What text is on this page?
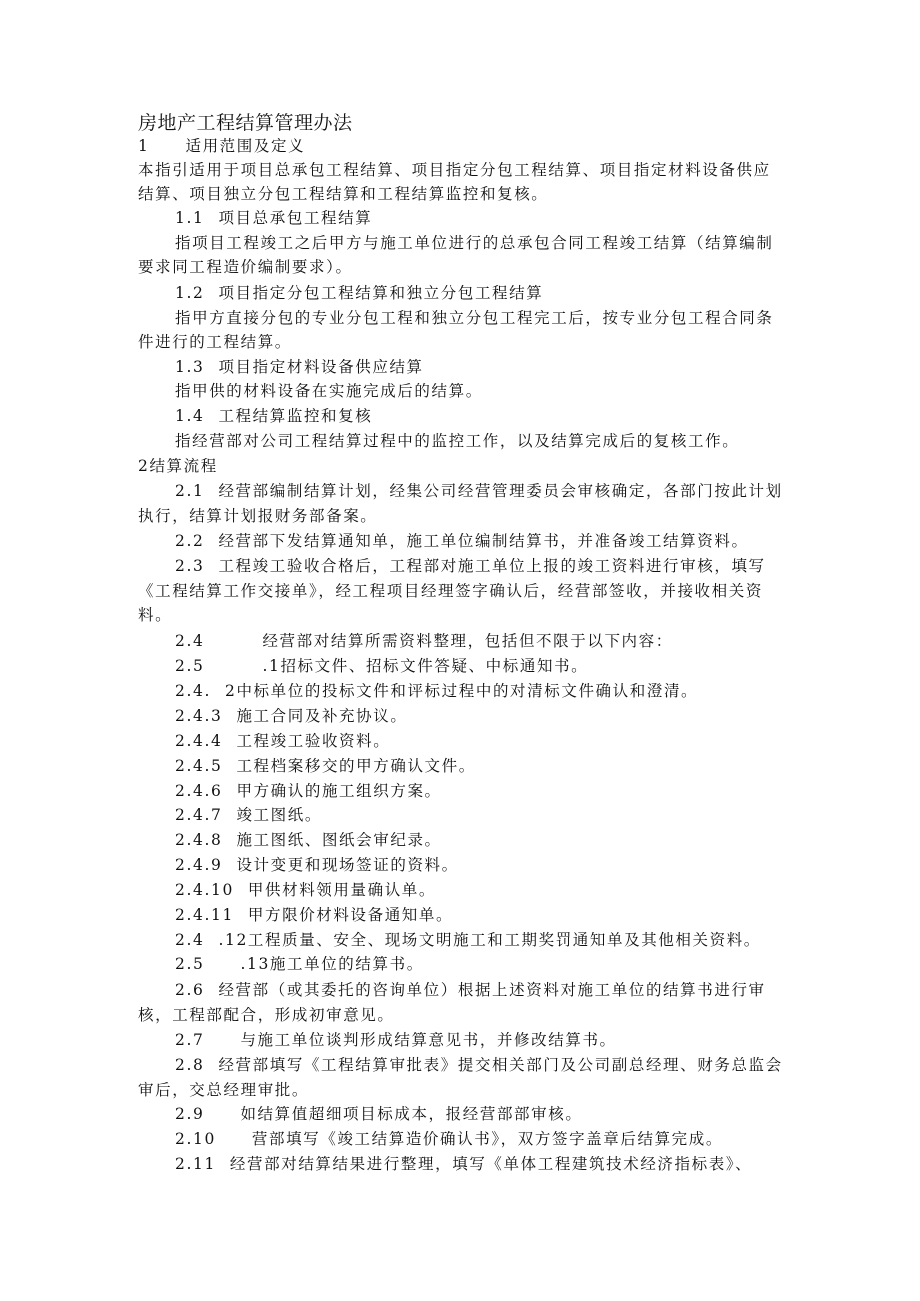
房地产工程结算管理办法
1 适用范围及定义
本指引适用于项目总承包工程结算、项目指定分包工程结算、项目指定材料设备供应
结算、项目独立分包工程结算和工程结算监控和复核。
1.1 项目总承包工程结算
指项目工程竣工之后甲方与施工单位进行的总承包合同工程竣工结算（结算编制
要求同工程造价编制要求）。
1.2 项目指定分包工程结算和独立分包工程结算
指甲方直接分包的专业分包工程和独立分包工程完工后，按专业分包工程合同条
件进行的工程结算。
1.3 项目指定材料设备供应结算
指甲供的材料设备在实施完成后的结算。
1.4 工程结算监控和复核
指经营部对公司工程结算过程中的监控工作，以及结算完成后的复核工作。
2结算流程
2.1 经营部编制结算计划，经集公司经营管理委员会审核确定，各部门按此计划
执行，结算计划报财务部备案。
2.2 经营部下发结算通知单，施工单位编制结算书，并准备竣工结算资料。
2.3 工程竣工验收合格后，工程部对施工单位上报的竣工资料进行审核，填写
《工程结算工作交接单》，经工程项目经理签字确认后，经营部签收，并接收相关资
料。
2.4	经营部对结算所需资料整理，包括但不限于以下内容：
2.5	.1招标文件、招标文件答疑、中标通知书。
2.4. 2中标单位的投标文件和评标过程中的对清标文件确认和澄清。
2.4.3 施工合同及补充协议。
2.4.4 工程竣工验收资料。
2.4.5 工程档案移交的甲方确认文件。
2.4.6 甲方确认的施工组织方案。
2.4.7 竣工图纸。
2.4.8 施工图纸、图纸会审纪录。
2.4.9 设计变更和现场签证的资料。
2.4.10 甲供材料领用量确认单。
2.4.11 甲方限价材料设备通知单。
2.4 .12工程质量、安全、现场文明施工和工期奖罚通知单及其他相关资料。
2.5 .13施工单位的结算书。
2.6 经营部（或其委托的咨询单位）根据上述资料对施工单位的结算书进行审
核，工程部配合，形成初审意见。
2.7 与施工单位谈判形成结算意见书，并修改结算书。
2.8 经营部填写《工程结算审批表》提交相关部门及公司副总经理、财务总监会
审后，交总经理审批。
2.9 如结算值超细项目标成本，报经营部部审核。
2.10 营部填写《竣工结算造价确认书》，双方签字盖章后结算完成。
2.11 经营部对结算结果进行整理，填写《单体工程建筑技术经济指标表》、
